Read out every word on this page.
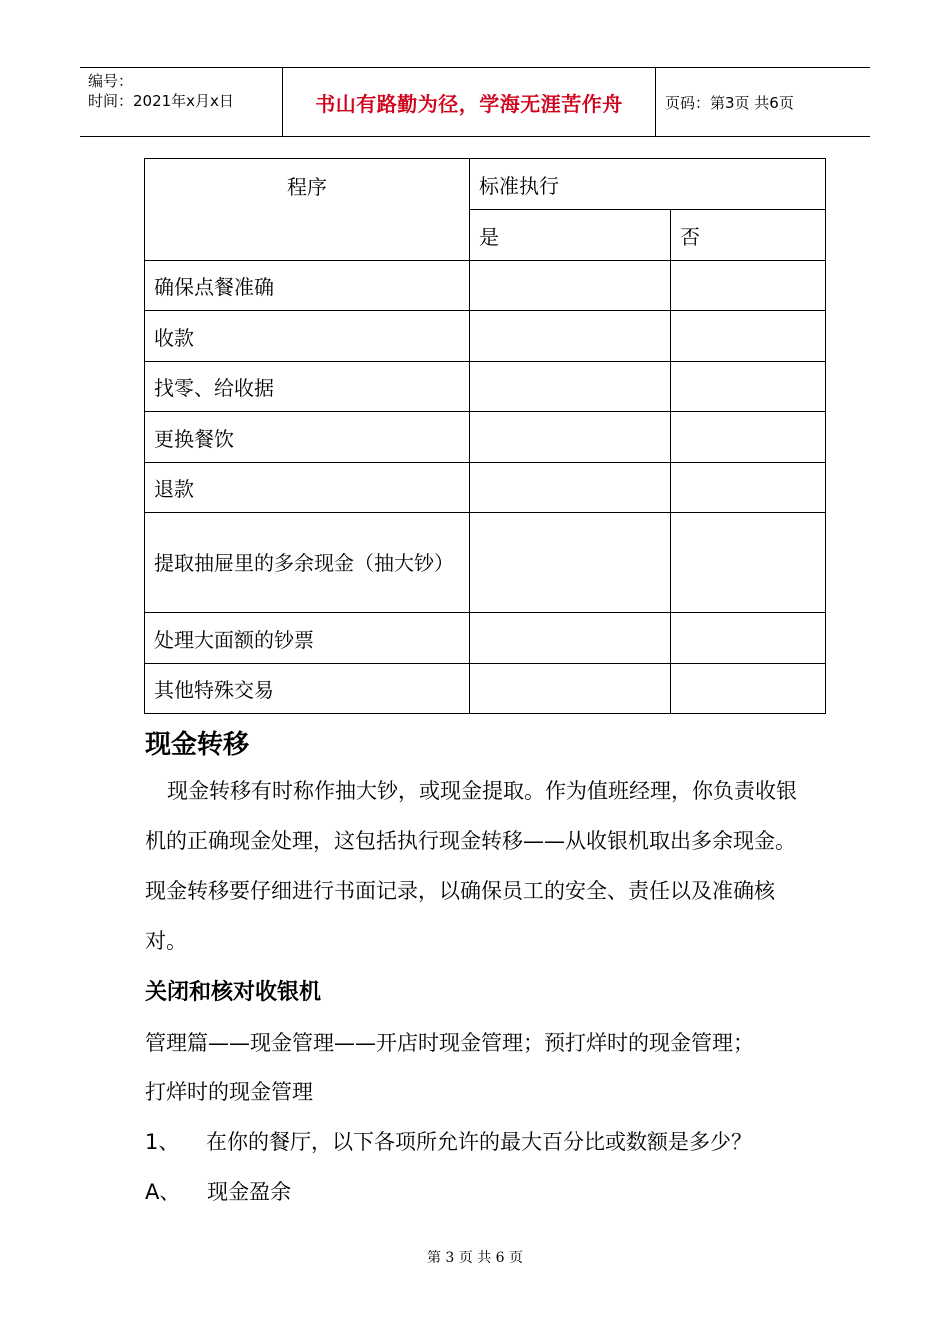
编号：
时间：2021年x月x日	书山有路勤为径，学海无涯苦作舟	页码：第3页 共6页
程序	标准执行	
	是	否
确保点餐准确		
收款		
找零、给收据		
更换餐饮		
退款		
提取抽屉里的多余现金（抽大钞）		
处理大面额的钞票		
其他特殊交易		
现金转移
现金转移有时称作抽大钞，或现金提取。作为值班经理，你负责收银机的正确现金处理，这包括执行现金转移——从收银机取出多余现金。现金转移要仔细进行书面记录，以确保员工的安全、责任以及准确核对。
关闭和核对收银机
管理篇——现金管理——开店时现金管理；预打烊时的现金管理；
打烊时的现金管理
1、    在你的餐厅，以下各项所允许的最大百分比或数额是多少？
A、    现金盈余
第 3 页 共 6 页
